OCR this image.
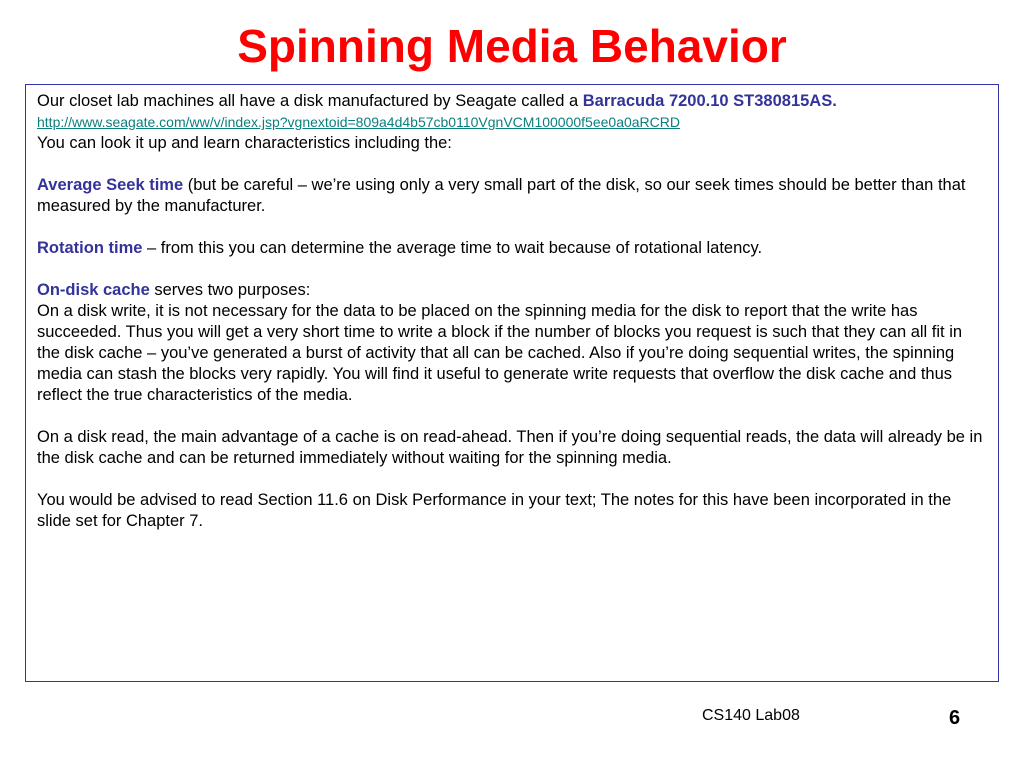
Spinning Media Behavior

Our closet lab machines all have a disk manufactured by Seagate called a Barracuda 7200.10 ST380815AS. http://www.seagate.com/ww/v/index.jsp?vgnextoid=809a4d4b57cb0110VgnVCM100000f5ee0a0aRCRD

You can look it up and learn characteristics including the:

Average Seek time (but be careful – we’re using only a very small part of the disk, so our seek times should be better than that measured by the manufacturer.

Rotation time – from this you can determine the average time to wait because of rotational latency.

On-disk cache serves two purposes:

On a disk write, it is not necessary for the data to be placed on the spinning media for the disk to report that the write has succeeded. Thus you will get a very short time to write a block if the number of blocks you request is such that they can all fit in the disk cache – you’ve generated a burst of activity that all can be cached. Also if you’re doing sequential writes, the spinning media can stash the blocks very rapidly. You will find it useful to generate write requests that overflow the disk cache and thus reflect the true characteristics of the media.

On a disk read, the main advantage of a cache is on read-ahead. Then if you’re doing sequential reads, the data will already be in the disk cache and can be returned immediately without waiting for the spinning media.

You would be advised to read Section 11.6 on Disk Performance in your text; The notes for this have been incorporated in the slide set for Chapter 7.

CS140 Lab08	6
